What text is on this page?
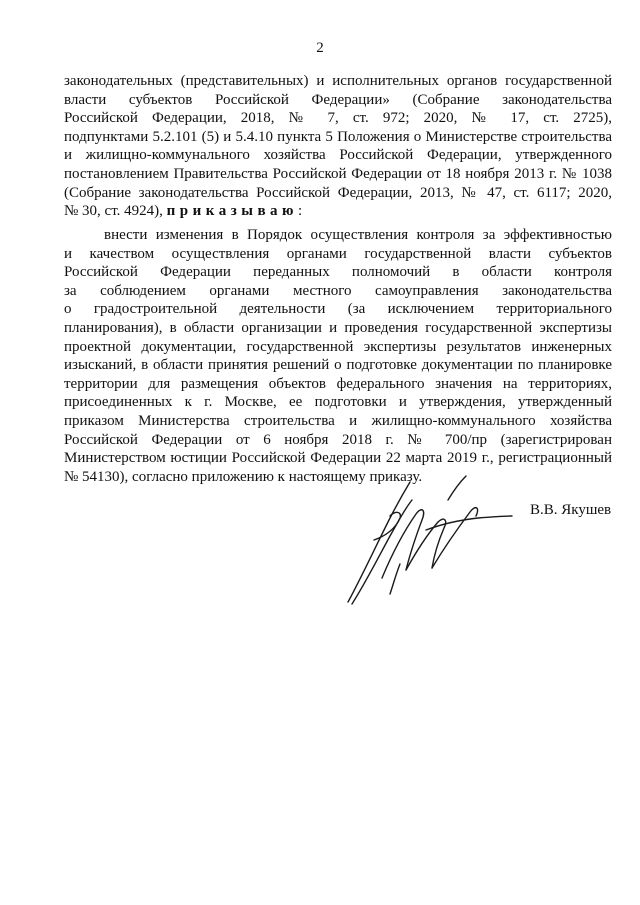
2
законодательных (представительных) и исполнительных органов государственной
власти субъектов Российской Федерации» (Собрание законодательства
Российской Федерации, 2018, № 7, ст. 972; 2020, № 17, ст. 2725),
подпунктами 5.2.101 (5) и 5.4.10 пункта 5 Положения о Министерстве строительства
и жилищно-коммунального хозяйства Российской Федерации, утвержденного
постановлением Правительства Российской Федерации от 18 ноября 2013 г. № 1038
(Собрание законодательства Российской Федерации, 2013, № 47, ст. 6117; 2020,
№ 30, ст. 4924), приказываю:
внести изменения в Порядок осуществления контроля за эффективностью
и качеством осуществления органами государственной власти субъектов
Российской Федерации переданных полномочий в области контроля
за соблюдением органами местного самоуправления законодательства
о градостроительной деятельности (за исключением территориального
планирования), в области организации и проведения государственной экспертизы
проектной документации, государственной экспертизы результатов инженерных
изысканий, в области принятия решений о подготовке документации по планировке
территории для размещения объектов федерального значения на территориях,
присоединенных к г. Москве, ее подготовки и утверждения, утвержденный
приказом Министерства строительства и жилищно-коммунального хозяйства
Российской Федерации от 6 ноября 2018 г. № 700/пр (зарегистрирован
Министерством юстиции Российской Федерации 22 марта 2019 г., регистрационный
№ 54130), согласно приложению к настоящему приказу.
В.В. Якушев
